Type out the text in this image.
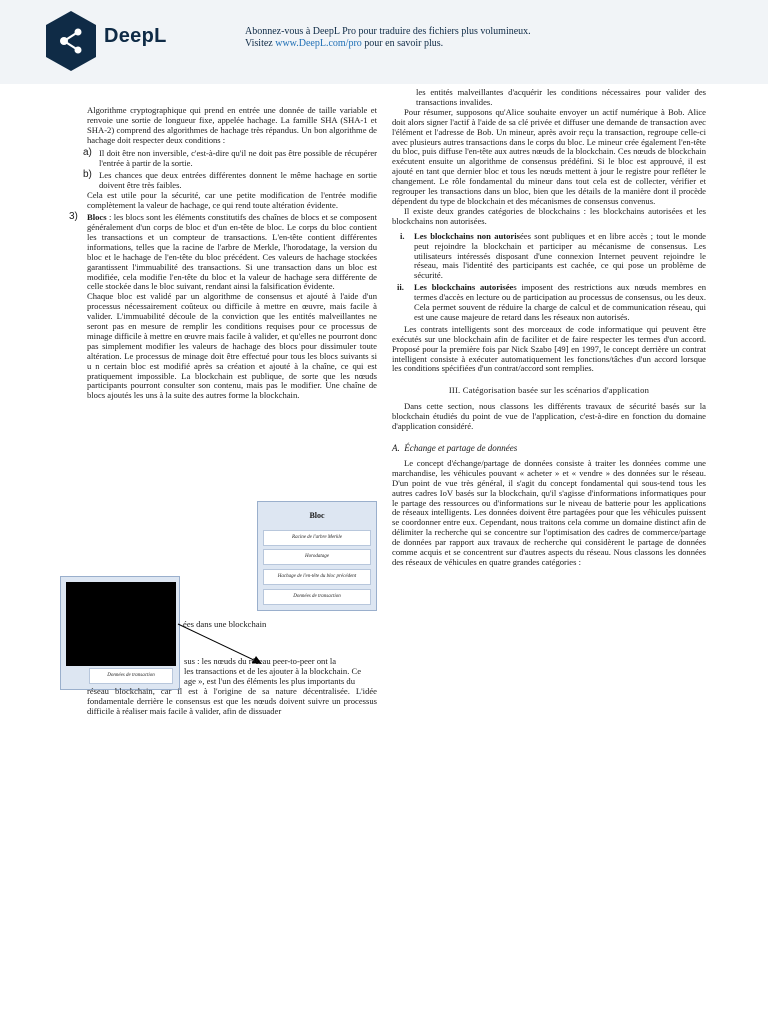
DeepL	Abonnez-vous à DeepL Pro pour traduire des fichiers plus volumineux.
Visitez www.DeepL.com/pro pour en savoir plus.

Algorithme cryptographique qui prend en entrée une donnée de taille variable et renvoie une sortie de longueur fixe, appelée hachage. La famille SHA (SHA-1 et SHA-2) comprend des algorithmes de hachage très répandus. Un bon algorithme de hachage doit respecter deux conditions :

a) Il doit être non inversible, c'est-à-dire qu'il ne doit pas être possible de récupérer l'entrée à partir de la sortie.

b) Les chances que deux entrées différentes donnent le même hachage en sortie doivent être très faibles.

Cela est utile pour la sécurité, car une petite modification de l'entrée modifie complètement la valeur de hachage, ce qui rend toute altération évidente.

3) Blocs : les blocs sont les éléments constitutifs des chaînes de blocs et se composent généralement d'un corps de bloc et d'un en-tête de bloc. Le corps du bloc contient les transactions et un compteur de transactions. L'en-tête contient différentes informations, telles que la racine de l'arbre de Merkle, l'horodatage, la version du bloc et le hachage de l'en-tête du bloc précédent. Ces valeurs de hachage stockées garantissent l'immuabilité des transactions. Si une transaction dans un bloc est modifiée, cela modifie l'en-tête du bloc et la valeur de hachage sera différente de celle stockée dans le bloc suivant, rendant ainsi la falsification évidente.

Chaque bloc est validé par un algorithme de consensus et ajouté à l'aide d'un processus nécessairement coûteux ou difficile à mettre en œuvre, mais facile à valider. L'immuabilité découle de la conviction que les entités malveillantes ne seront pas en mesure de remplir les conditions requises pour ce processus de minage difficile à mettre en œuvre mais facile à valider, et qu'elles ne pourront donc pas simplement modifier les valeurs de hachage des blocs pour dissimuler toute altération. Le processus de minage doit être effectué pour tous les blocs suivants si u n certain bloc est modifié après sa création et ajouté à la chaîne, ce qui est pratiquement impossible. La blockchain est publique, de sorte que les nœuds participants pourront consulter son contenu, mais pas le modifier. Une chaîne de blocs ajoutés les uns à la suite des autres forme la blockchain.

Bloc
Racine de l'arbre Merkle
Horodatage
Hachage de l'en-tête du bloc précédent
Données de transaction
Données de transaction
ées dans une blockchain
sus : les nœuds du réseau peer-to-peer ont la
les transactions et de les ajouter à la blockchain. Ce
age », est l'un des éléments les plus importants du
réseau blockchain, car il est à l'origine de sa nature décentralisée. L'idée fondamentale derrière le consensus est que les nœuds doivent suivre un processus difficile à réaliser mais facile à valider, afin de dissuader

les entités malveillantes d'acquérir les conditions nécessaires pour valider des transactions invalides.

Pour résumer, supposons qu'Alice souhaite envoyer un actif numérique à Bob. Alice doit alors signer l'actif à l'aide de sa clé privée et diffuser une demande de transaction avec l'élément et l'adresse de Bob. Un mineur, après avoir reçu la transaction, regroupe celle-ci avec plusieurs autres transactions dans le corps du bloc. Le mineur crée également l'en-tête du bloc, puis diffuse l'en-tête aux autres nœuds de la blockchain. Ces nœuds de blockchain exécutent ensuite un algorithme de consensus prédéfini. Si le bloc est approuvé, il est ajouté en tant que dernier bloc et tous les nœuds mettent à jour le registre pour refléter le changement. Le rôle fondamental du mineur dans tout cela est de collecter, vérifier et regrouper les transactions dans un bloc, bien que les détails de la manière dont il procède dépendent du type de blockchain et des mécanismes de consensus convenus.

Il existe deux grandes catégories de blockchains : les blockchains autorisées et les blockchains non autorisées.

i. Les blockchains non autorisées sont publiques et en libre accès ; tout le monde peut rejoindre la blockchain et participer au mécanisme de consensus. Les utilisateurs intéressés disposant d'une connexion Internet peuvent rejoindre le réseau, mais l'identité des participants est cachée, ce qui pose un problème de sécurité.

ii. Les blockchains autorisées imposent des restrictions aux nœuds membres en termes d'accès en lecture ou de participation au processus de consensus, ou les deux. Cela permet souvent de réduire la charge de calcul et de communication réseau, qui est une cause majeure de retard dans les réseaux non autorisés.

Les contrats intelligents sont des morceaux de code informatique qui peuvent être exécutés sur une blockchain afin de faciliter et de faire respecter les termes d'un accord. Proposé pour la première fois par Nick Szabo [49] en 1997, le concept derrière un contrat intelligent consiste à exécuter automatiquement les fonctions/tâches d'un accord lorsque les conditions spécifiées d'un contrat/accord sont remplies.

III. Catégorisation basée sur les scénarios d'application

Dans cette section, nous classons les différents travaux de sécurité basés sur la blockchain étudiés du point de vue de l'application, c'est-à-dire en fonction du domaine d'application considéré.

A. Échange et partage de données

Le concept d'échange/partage de données consiste à traiter les données comme une marchandise, les véhicules pouvant « acheter » et « vendre » des données sur le réseau. D'un point de vue très général, il s'agit du concept fondamental qui sous-tend tous les autres cadres IoV basés sur la blockchain, qu'il s'agisse d'informations informatiques pour le partage des ressources ou d'informations sur le niveau de batterie pour les applications de réseaux intelligents. Les données doivent être partagées pour que les véhicules puissent se coordonner entre eux. Cependant, nous traitons cela comme un domaine distinct afin de délimiter la recherche qui se concentre sur l'optimisation des cadres de commerce/partage de données par rapport aux travaux de recherche qui considèrent le partage de données comme acquis et se concentrent sur d'autres aspects du réseau. Nous classons les données des réseaux de véhicules en quatre grandes catégories :
